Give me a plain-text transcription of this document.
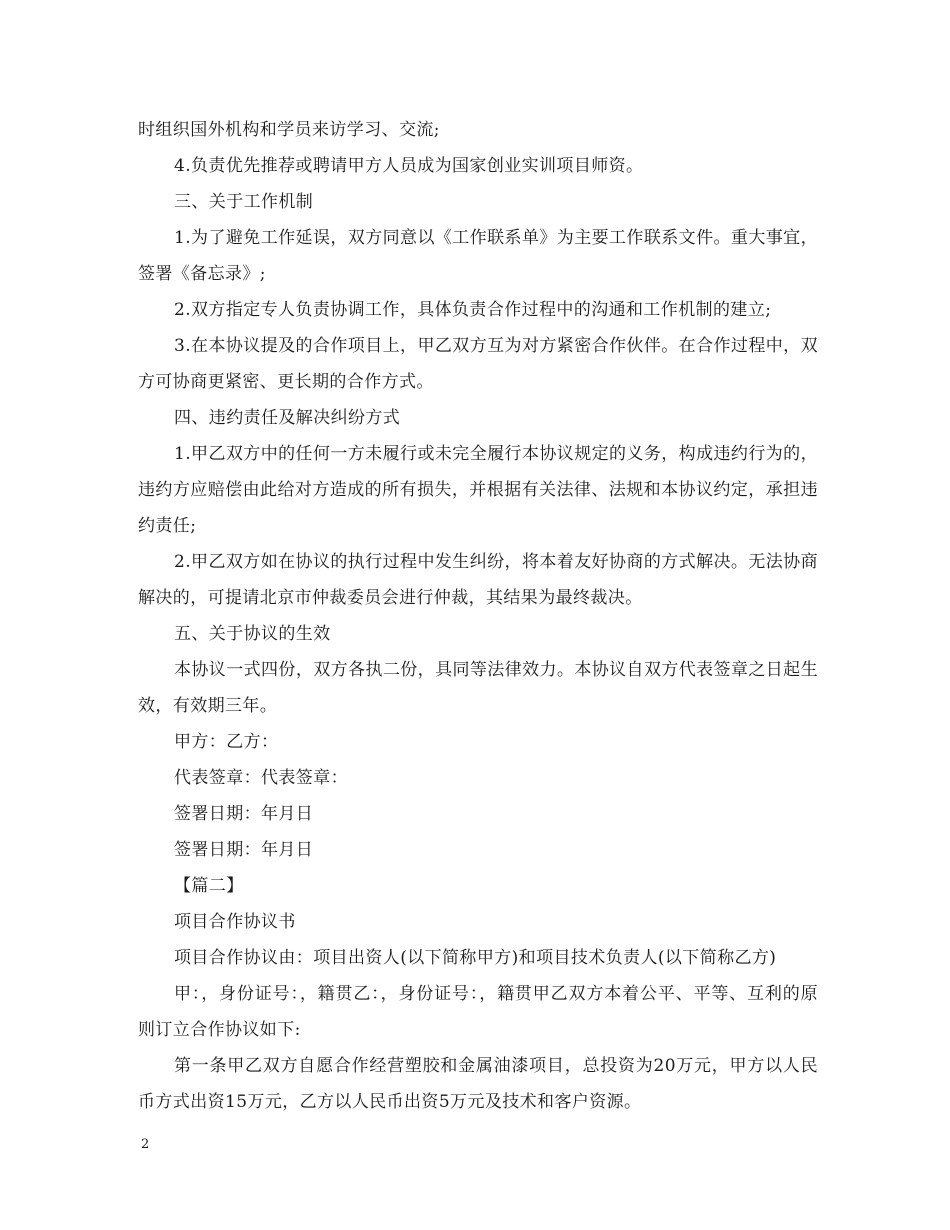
时组织国外机构和学员来访学习、交流;

4.负责优先推荐或聘请甲方人员成为国家创业实训项目师资。

三、关于工作机制

1.为了避免工作延误，双方同意以《工作联系单》为主要工作联系文件。重大事宜，签署《备忘录》;

2.双方指定专人负责协调工作，具体负责合作过程中的沟通和工作机制的建立;

3.在本协议提及的合作项目上，甲乙双方互为对方紧密合作伙伴。在合作过程中，双方可协商更紧密、更长期的合作方式。

四、违约责任及解决纠纷方式

1.甲乙双方中的任何一方未履行或未完全履行本协议规定的义务，构成违约行为的，违约方应赔偿由此给对方造成的所有损失，并根据有关法律、法规和本协议约定，承担违约责任;

2.甲乙双方如在协议的执行过程中发生纠纷，将本着友好协商的方式解决。无法协商解决的，可提请北京市仲裁委员会进行仲裁，其结果为最终裁决。

五、关于协议的生效

本协议一式四份，双方各执二份，具同等法律效力。本协议自双方代表签章之日起生效，有效期三年。

甲方：乙方：

代表签章：代表签章：

签署日期：年月日

签署日期：年月日

【篇二】

项目合作协议书

项目合作协议由：项目出资人(以下简称甲方)和项目技术负责人(以下简称乙方)

甲：，身份证号：，籍贯乙：，身份证号：，籍贯甲乙双方本着公平、平等、互利的原则订立合作协议如下:

第一条甲乙双方自愿合作经营塑胶和金属油漆项目，总投资为20万元，甲方以人民币方式出资15万元，乙方以人民币出资5万元及技术和客户资源。

2
